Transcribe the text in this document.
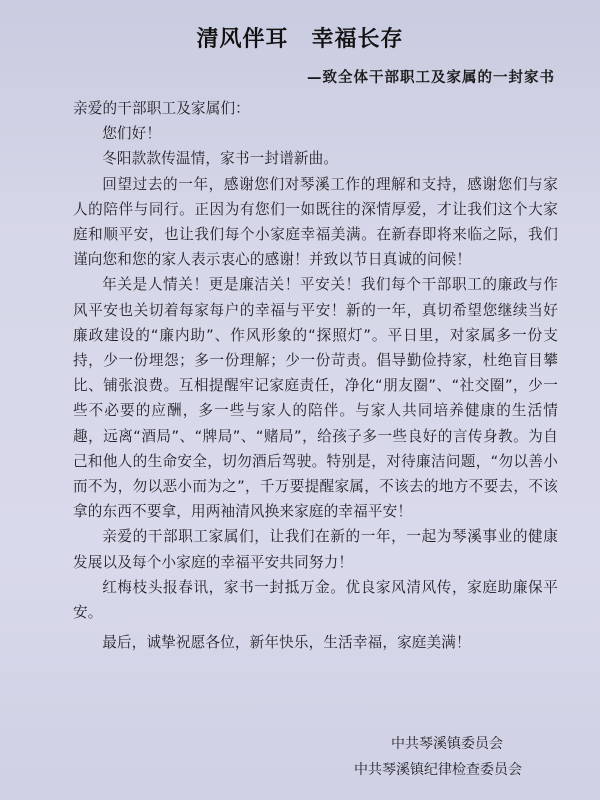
清风伴耳　幸福长存
—致全体干部职工及家属的一封家书

亲爱的干部职工及家属们：

您们好！

冬阳款款传温情，家书一封谱新曲。

回望过去的一年，感谢您们对琴溪工作的理解和支持，感谢您们与家人的陪伴与同行。正因为有您们一如既往的深情厚爱，才让我们这个大家庭和顺平安，也让我们每个小家庭幸福美满。在新春即将来临之际，我们谨向您和您的家人表示衷心的感谢！并致以节日真诚的问候！

年关是人情关！更是廉洁关！平安关！我们每个干部职工的廉政与作风平安也关切着每家每户的幸福与平安！新的一年，真切希望您继续当好廉政建设的“廉内助”、作风形象的“探照灯”。平日里，对家属多一份支持，少一份埋怨；多一份理解；少一份苛责。倡导勤俭持家，杜绝盲目攀比、铺张浪费。互相提醒牢记家庭责任，净化“朋友圈”、“社交圈”，少一些不必要的应酬，多一些与家人的陪伴。与家人共同培养健康的生活情趣，远离“酒局”、“牌局”、“赌局”，给孩子多一些良好的言传身教。为自己和他人的生命安全，切勿酒后驾驶。特别是，对待廉洁问题，“勿以善小而不为，勿以恶小而为之”，千万要提醒家属，不该去的地方不要去，不该拿的东西不要拿，用两袖清风换来家庭的幸福平安！

亲爱的干部职工家属们，让我们在新的一年，一起为琴溪事业的健康发展以及每个小家庭的幸福平安共同努力！

红梅枝头报春讯，家书一封抵万金。优良家风清风传，家庭助廉保平安。

最后，诚挚祝愿各位，新年快乐，生活幸福，家庭美满！

中共琴溪镇委员会
中共琴溪镇纪律检查委员会
